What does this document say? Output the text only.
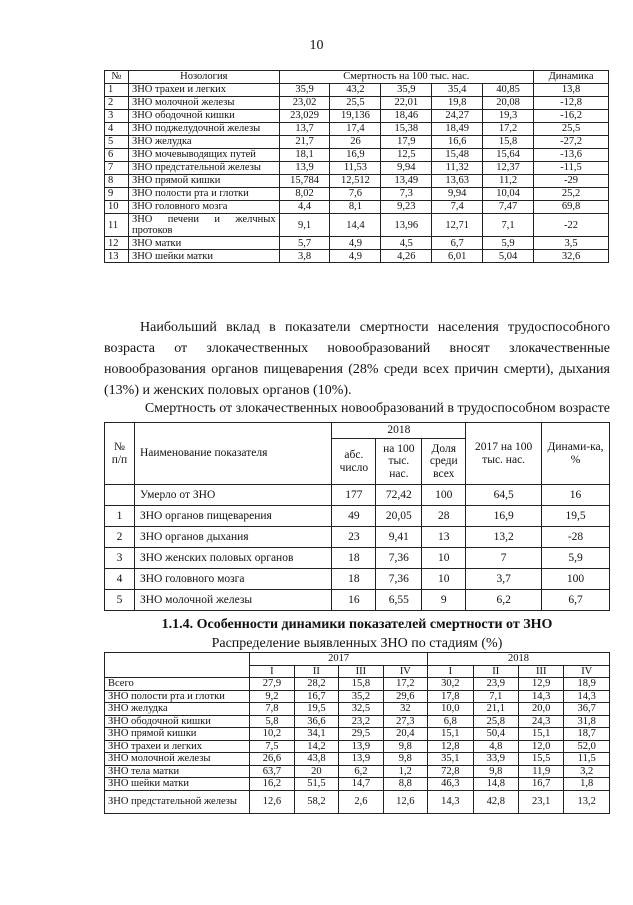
10
№	Нозология	Смертность на 100 тыс. нас.					Динамика
1	ЗНО трахеи и легких	35,9	43,2	35,9	35,4	40,85	13,8
2	ЗНО молочной железы	23,02	25,5	22,01	19,8	20,08	-12,8
3	ЗНО ободочной кишки	23,029	19,136	18,46	24,27	19,3	-16,2
4	ЗНО поджелудочной железы	13,7	17,4	15,38	18,49	17,2	25,5
5	ЗНО желудка	21,7	26	17,9	16,6	15,8	-27,2
6	ЗНО мочевыводящих путей	18,1	16,9	12,5	15,48	15,64	-13,6
7	ЗНО предстательной железы	13,9	11,53	9,94	11,32	12,37	-11,5
8	ЗНО прямой кишки	15,784	12,512	13,49	13,63	11,2	-29
9	ЗНО полости рта и глотки	8,02	7,6	7,3	9,94	10,04	25,2
10	ЗНО головного мозга	4,4	8,1	9,23	7,4	7,47	69,8
11	ЗНО печени и желчных протоков	9,1	14,4	13,96	12,71	7,1	-22
12	ЗНО матки	5,7	4,9	4,5	6,7	5,9	3,5
13	ЗНО шейки матки	3,8	4,9	4,26	6,01	5,04	32,6
Наибольший вклад в показатели смертности населения трудоспособного возраста от злокачественных новообразований вносят злокачественные новообразования органов пищеварения (28% среди всех причин смерти), дыхания (13%) и женских половых органов (10%).
Смертность от злокачественных новообразований в трудоспособном возрасте
№ п/п	Наименование показателя	2018			2017 на 100 тыс. нас.	Динами-ка, %
		абс. число	на 100 тыс. нас.	Доля среди всех		
	Умерло от ЗНО	177	72,42	100	64,5	16
1	ЗНО органов пищеварения	49	20,05	28	16,9	19,5
2	ЗНО органов дыхания	23	9,41	13	13,2	-28
3	ЗНО женских половых органов	18	7,36	10	7	5,9
4	ЗНО головного мозга	18	7,36	10	3,7	100
5	ЗНО молочной железы	16	6,55	9	6,2	6,7
1.1.4. Особенности динамики показателей смертности от ЗНО
Распределение выявленных ЗНО по стадиям (%)
	2017				2018			
	I	II	III	IV	I	II	III	IV
Всего	27,9	28,2	15,8	17,2	30,2	23,9	12,9	18,9
ЗНО полости рта и глотки	9,2	16,7	35,2	29,6	17,8	7,1	14,3	14,3
ЗНО желудка	7,8	19,5	32,5	32	10,0	21,1	20,0	36,7
ЗНО ободочной кишки	5,8	36,6	23,2	27,3	6,8	25,8	24,3	31,8
ЗНО прямой кишки	10,2	34,1	29,5	20,4	15,1	50,4	15,1	18,7
ЗНО трахеи и легких	7,5	14,2	13,9	9,8	12,8	4,8	12,0	52,0
ЗНО молочной железы	26,6	43,8	13,9	9,8	35,1	33,9	15,5	11,5
ЗНО тела матки	63,7	20	6,2	1,2	72,8	9,8	11,9	3,2
ЗНО шейки матки	16,2	51,5	14,7	8,8	46,3	14,8	16,7	1,8

ЗНО предстательной железы	12,6	58,2	2,6	12,6	14,3	42,8	23,1	13,2
